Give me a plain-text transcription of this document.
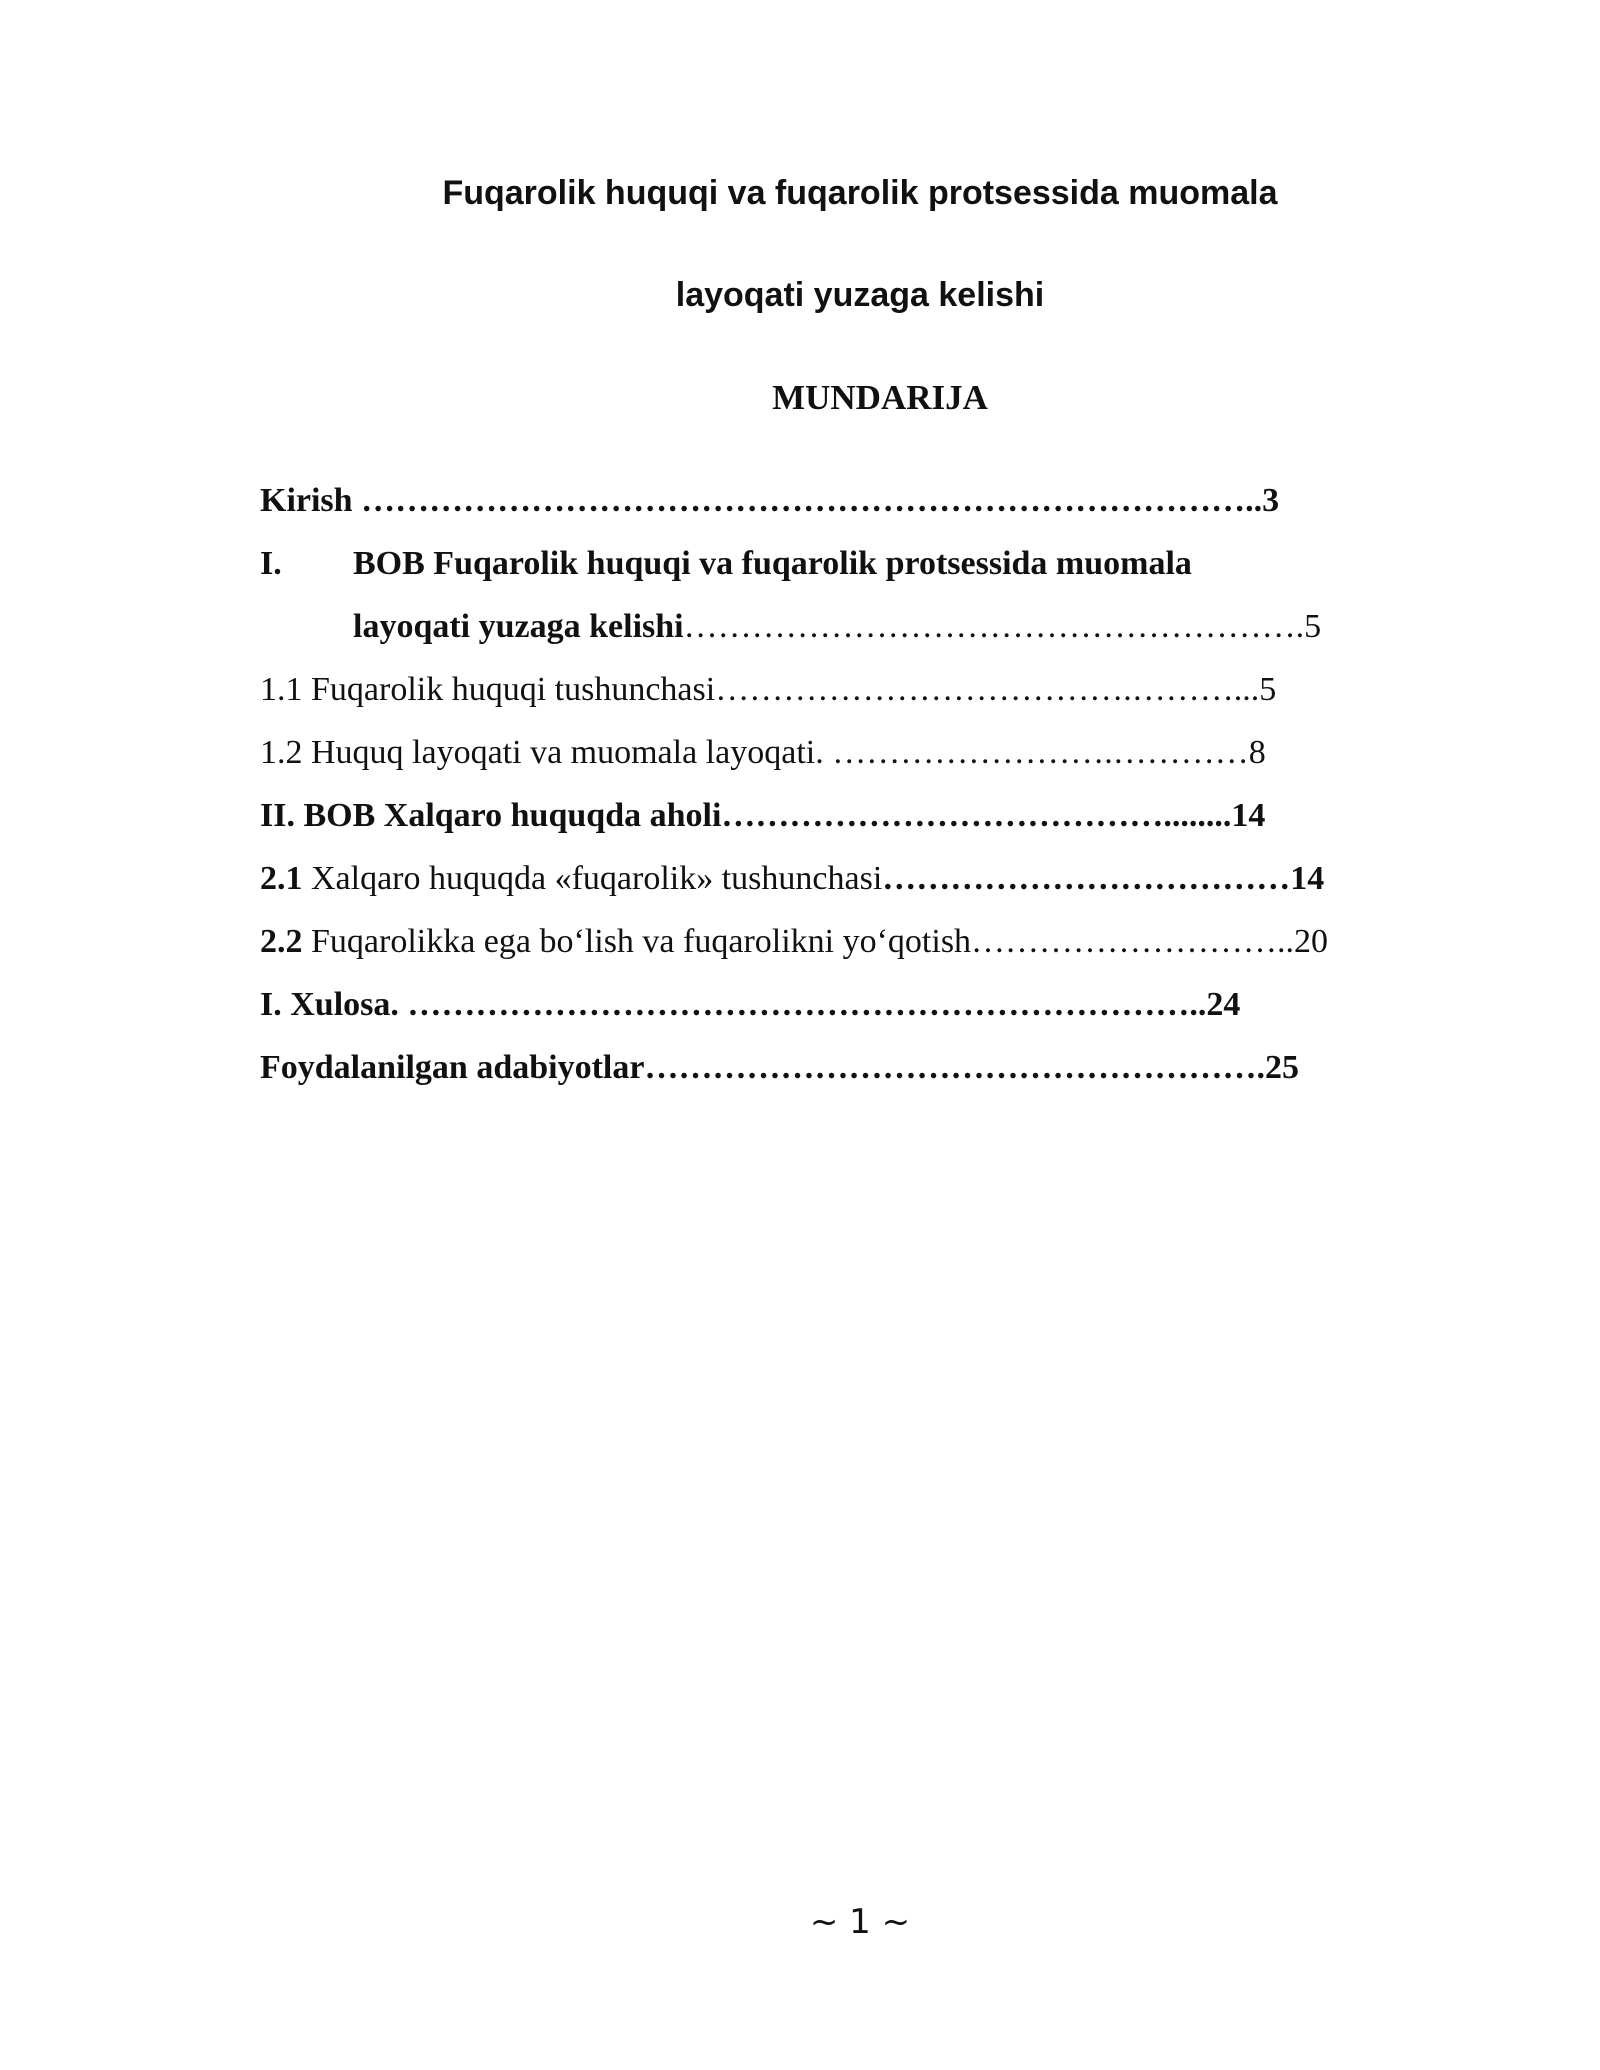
Fuqarolik huquqi va fuqarolik protsessida muomala
layoqati yuzaga kelishi
MUNDARIJA
Kirish ……………………………………………………………………..3
I. BOB Fuqarolik huquqi va fuqarolik protsessida muomala
layoqati yuzaga kelishi……………………………………………….5
1.1 Fuqarolik huquqi tushunchasi……………………………….………...5
1.2 Huquq layoqati va muomala layoqati. …………………….…………8
II. BOB Xalqaro huquqda aholi…………………………………........14
2.1 Xalqaro huquqda «fuqarolik» tushunchasi………………………………14
2.2 Fuqarolikka ega bo‘lish va fuqarolikni yo‘qotish………………………..20
I. Xulosa. ……………………………………………………………..24
Foydalanilgan adabiyotlar……………………………………………….25
~ 1 ~
